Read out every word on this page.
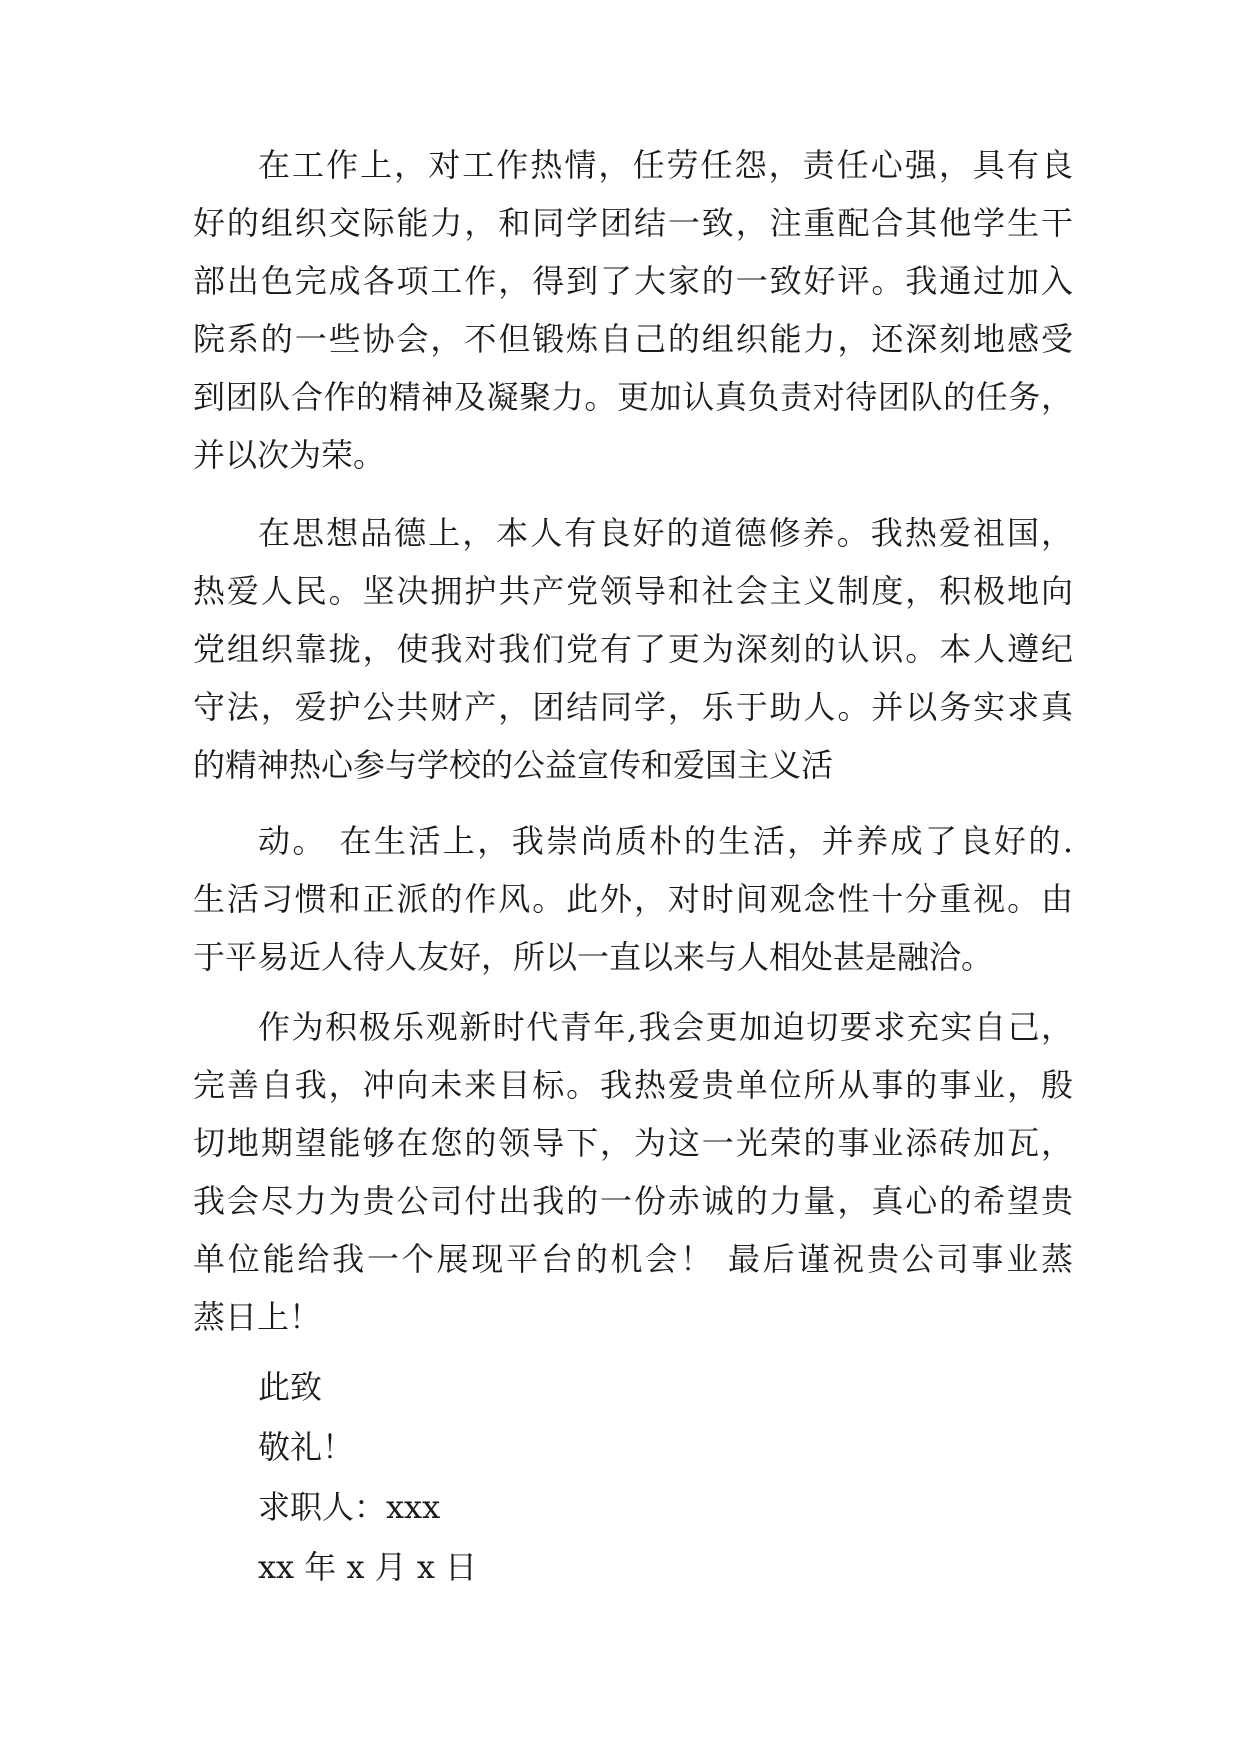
在工作上，对工作热情，任劳任怨，责任心强，具有良
好的组织交际能力，和同学团结一致，注重配合其他学生干
部出色完成各项工作，得到了大家的一致好评。我通过加入
院系的一些协会，不但锻炼自己的组织能力，还深刻地感受
到团队合作的精神及凝聚力。更加认真负责对待团队的任务，
并以次为荣。
在思想品德上，本人有良好的道德修养。我热爱祖国，
热爱人民。坚决拥护共产党领导和社会主义制度，积极地向
党组织靠拢，使我对我们党有了更为深刻的认识。本人遵纪
守法，爱护公共财产，团结同学，乐于助人。并以务实求真
的精神热心参与学校的公益宣传和爱国主义活
动。 在生活上，我崇尚质朴的生活，并养成了良好的.
生活习惯和正派的作风。此外，对时间观念性十分重视。由
于平易近人待人友好，所以一直以来与人相处甚是融洽。
作为积极乐观新时代青年,我会更加迫切要求充实自己，
完善自我，冲向未来目标。我热爱贵单位所从事的事业，殷
切地期望能够在您的领导下，为这一光荣的事业添砖加瓦，
我会尽力为贵公司付出我的一份赤诚的力量，真心的希望贵
单位能给我一个展现平台的机会！ 最后谨祝贵公司事业蒸
蒸日上！
此致
敬礼！
求职人：xxx
xx 年 x 月 x 日
